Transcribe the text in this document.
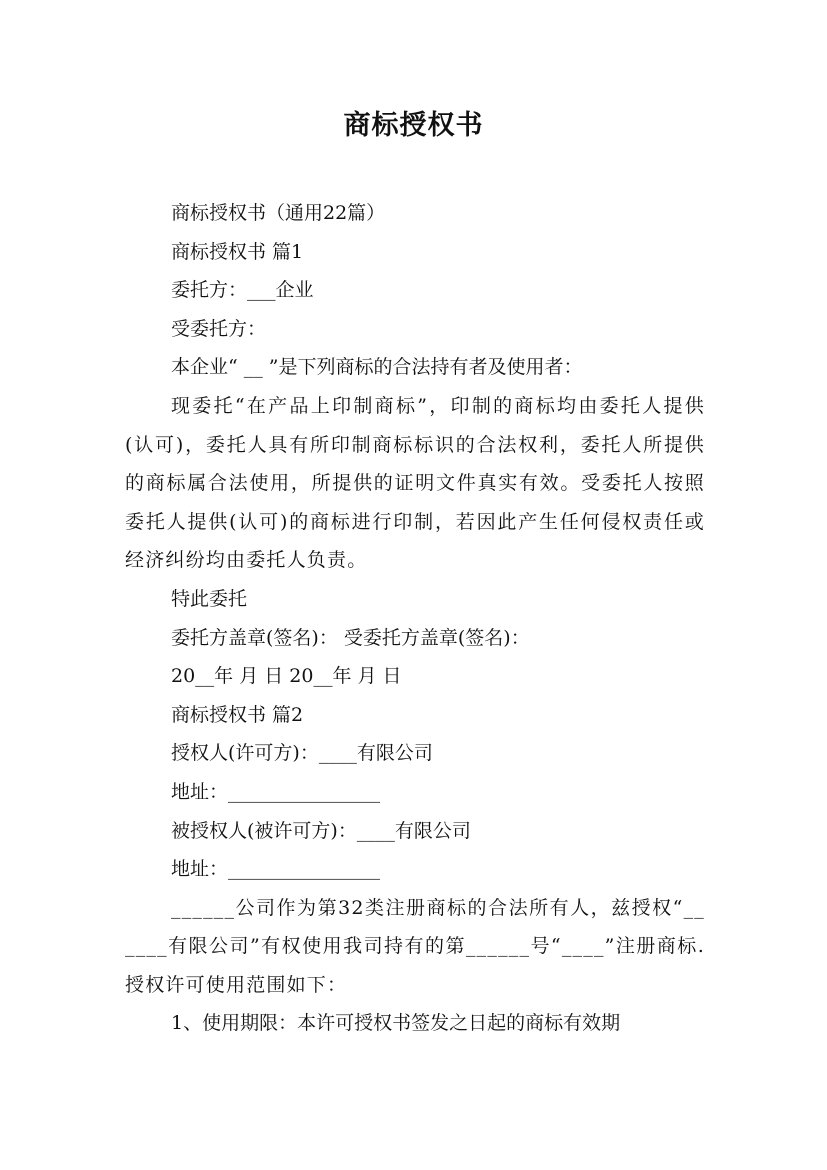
商标授权书

商标授权书（通用22篇）

商标授权书 篇1

委托方：___企业

受委托方：

本企业“ __ ”是下列商标的合法持有者及使用者：

现委托“在产品上印制商标”，印制的商标均由委托人提供(认可)，委托人具有所印制商标标识的合法权利，委托人所提供的商标属合法使用，所提供的证明文件真实有效。受委托人按照委托人提供(认可)的商标进行印制，若因此产生任何侵权责任或经济纠纷均由委托人负责。

特此委托

委托方盖章(签名)： 受委托方盖章(签名)：

20__年 月 日 20__年 月 日

商标授权书 篇2

授权人(许可方)：____有限公司

地址：________________

被授权人(被许可方)：____有限公司

地址：________________

______公司作为第32类注册商标的合法所有人，兹授权“______有限公司”有权使用我司持有的第______号“____”注册商标.授权许可使用范围如下：

1、使用期限：本许可授权书签发之日起的商标有效期
